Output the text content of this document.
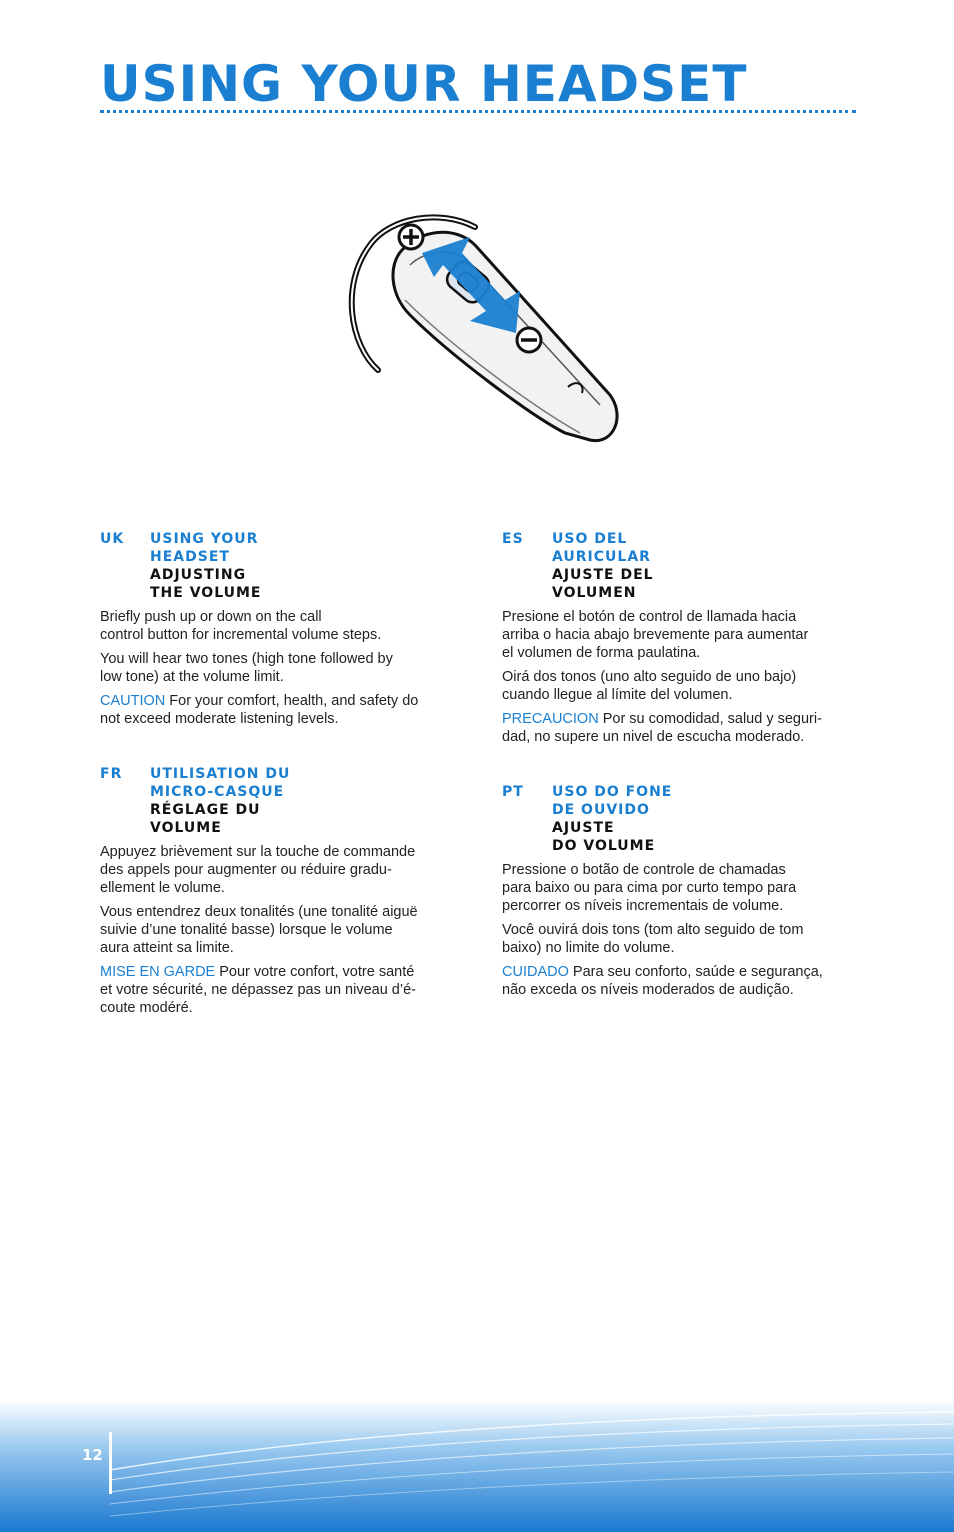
USING YOUR HEADSET
UK	USING YOUR
HEADSET
ADJUSTING
THE VOLUME

Briefly push up or down on the call
control button for incremental volume steps.

You will hear two tones (high tone followed by
low tone) at the volume limit.

CAUTION For your comfort, health, and safety do
not exceed moderate listening levels.

FR	UTILISATION DU
MICRO-CASQUE
RÉGLAGE DU
VOLUME

Appuyez brièvement sur la touche de commande
des appels pour augmenter ou réduire gradu-
ellement le volume.

Vous entendrez deux tonalités (une tonalité aiguë
suivie d’une tonalité basse) lorsque le volume
aura atteint sa limite.

MISE EN GARDE Pour votre confort, votre santé
et votre sécurité, ne dépassez pas un niveau d’é-
coute modéré.

ES	USO DEL
AURICULAR
AJUSTE DEL
VOLUMEN

Presione el botón de control de llamada hacia
arriba o hacia abajo brevemente para aumentar
el volumen de forma paulatina.

Oirá dos tonos (uno alto seguido de uno bajo)
cuando llegue al límite del volumen.

PRECAUCION Por su comodidad, salud y seguri-
dad, no supere un nivel de escucha moderado.

PT	USO DO FONE
DE OUVIDO
AJUSTE
DO VOLUME

Pressione o botão de controle de chamadas
para baixo ou para cima por curto tempo para
percorrer os níveis incrementais de volume.

Você ouvirá dois tons (tom alto seguido de tom
baixo) no limite do volume.

CUIDADO Para seu conforto, saúde e segurança,
não exceda os níveis moderados de audição.

12
